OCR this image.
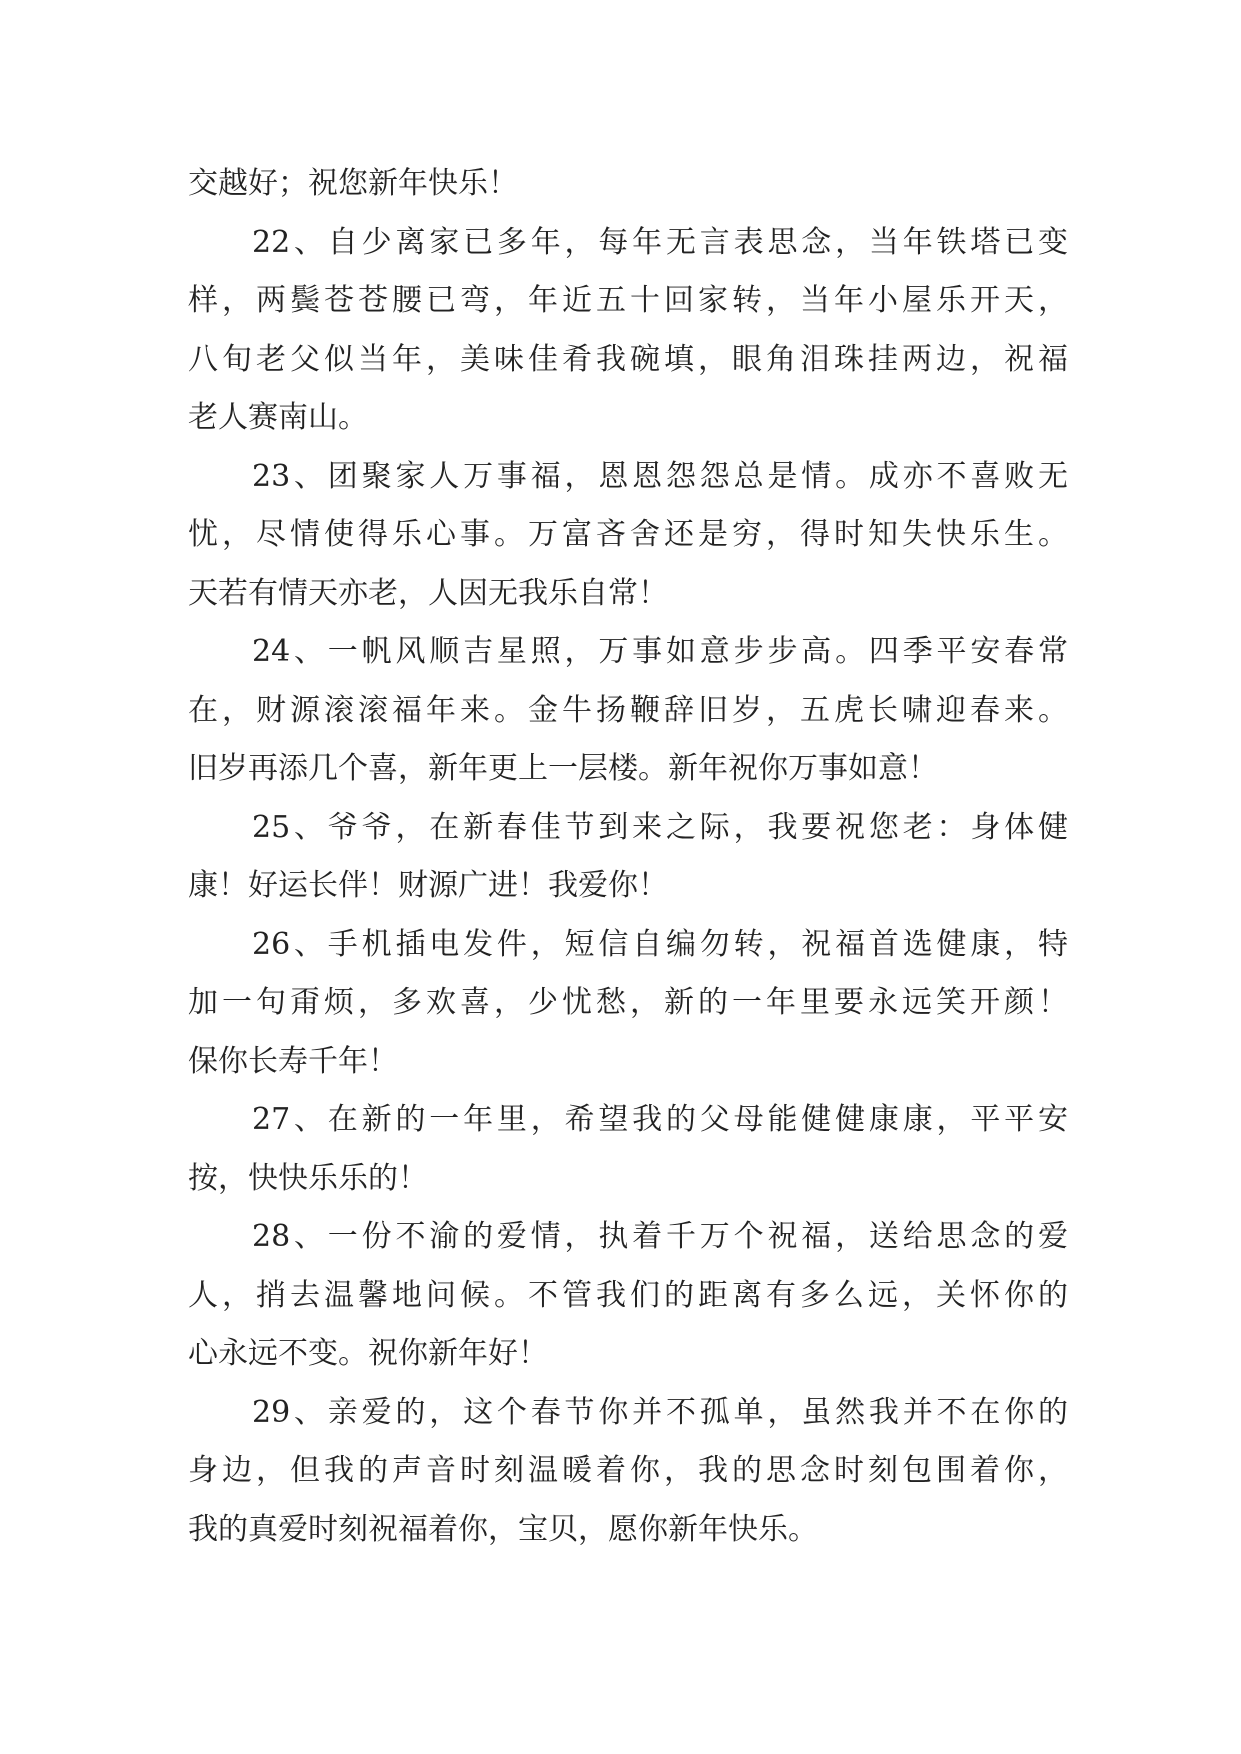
交越好；祝您新年快乐！
22、自少离家已多年，每年无言表思念，当年铁塔已变
样，两鬓苍苍腰已弯，年近五十回家转，当年小屋乐开天，
八旬老父似当年，美味佳肴我碗填，眼角泪珠挂两边，祝福
老人赛南山。
23、团聚家人万事福，恩恩怨怨总是情。成亦不喜败无
忧，尽情使得乐心事。万富吝舍还是穷，得时知失快乐生。
天若有情天亦老，人因无我乐自常！
24、一帆风顺吉星照，万事如意步步高。四季平安春常
在，财源滚滚福年来。金牛扬鞭辞旧岁，五虎长啸迎春来。
旧岁再添几个喜，新年更上一层楼。新年祝你万事如意！
25、爷爷，在新春佳节到来之际，我要祝您老：身体健
康！好运长伴！财源广进！我爱你！
26、手机插电发件，短信自编勿转，祝福首选健康，特
加一句甭烦，多欢喜，少忧愁，新的一年里要永远笑开颜！
保你长寿千年！
27、在新的一年里，希望我的父母能健健康康，平平安
按，快快乐乐的！
28、一份不渝的爱情，执着千万个祝福，送给思念的爱
人，捎去温馨地问候。不管我们的距离有多么远，关怀你的
心永远不变。祝你新年好！
29、亲爱的，这个春节你并不孤单，虽然我并不在你的
身边，但我的声音时刻温暖着你，我的思念时刻包围着你，
我的真爱时刻祝福着你，宝贝，愿你新年快乐。
